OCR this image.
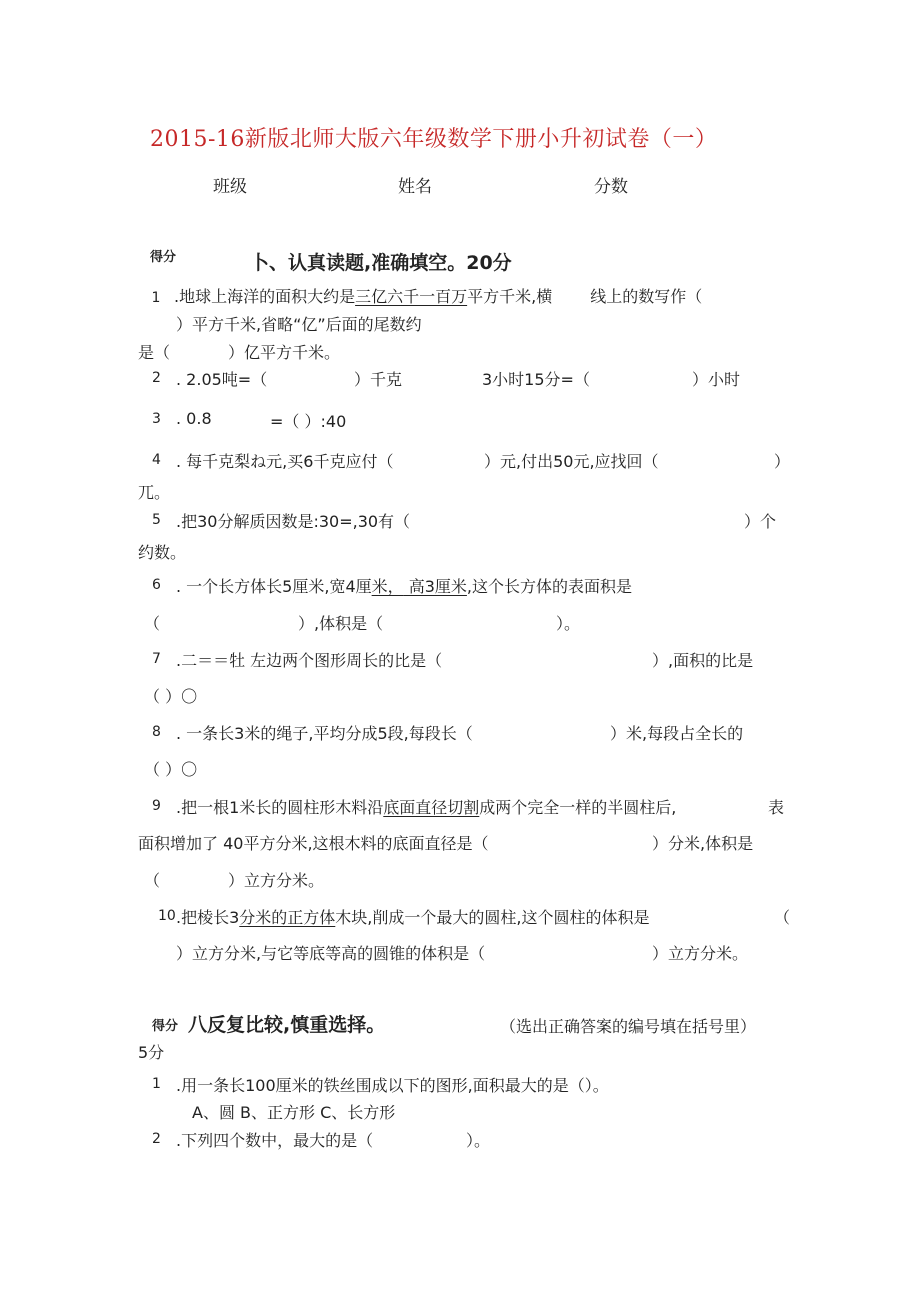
2015-16新版北师大版六年级数学下册小升初试卷（一）
班级	姓名	分数
得分	卜、认真读题,准确填空。20分
1 .地球上海洋的面积大约是三亿六千一百万平方千米,横 线上的数写作（
）平方千米,省略“亿”后面的尾数约
是（	）亿平方千米。
2 . 2.05吨=（	）千克	3小时15分=（	）小时
3 . 0.8	=（ ）:40
4 . 每千克梨ね元,买6千克应付（	）元,付出50元,应找回（	）
兀。
5 .把30分解质因数是:30=,30有（	）个
约数。
6 . 一个长方体长5厘米,宽4厘米， 高3厘米,这个长方体的表面积是
（	）,体积是（	）。
7 .二＝＝牡 左边两个图形周长的比是（	）,面积的比是
（ ）〇
8 . 一条长3米的绳子,平均分成5段,每段长（	）米,每段占全长的
（ ）〇
9 .把一根1米长的圆柱形木料沿底面直径切割成两个完全一样的半圆柱后,	表
面积增加了 40平方分米,这根木料的底面直径是（	）分米,体积是
（	）立方分米。
10 .把棱长3分米的正方体木块,削成一个最大的圆柱,这个圆柱的体积是	（
）立方分米,与它等底等高的圆锥的体积是（	）立方分米。
得分 八反复比较,慎重选择。	（选出正确答案的编号填在括号里）
5分
1 .用一条长100厘米的铁丝围成以下的图形,面积最大的是（）。
A、圆 B、正方形 C、长方形
2 .下列四个数中，最大的是（	）。
